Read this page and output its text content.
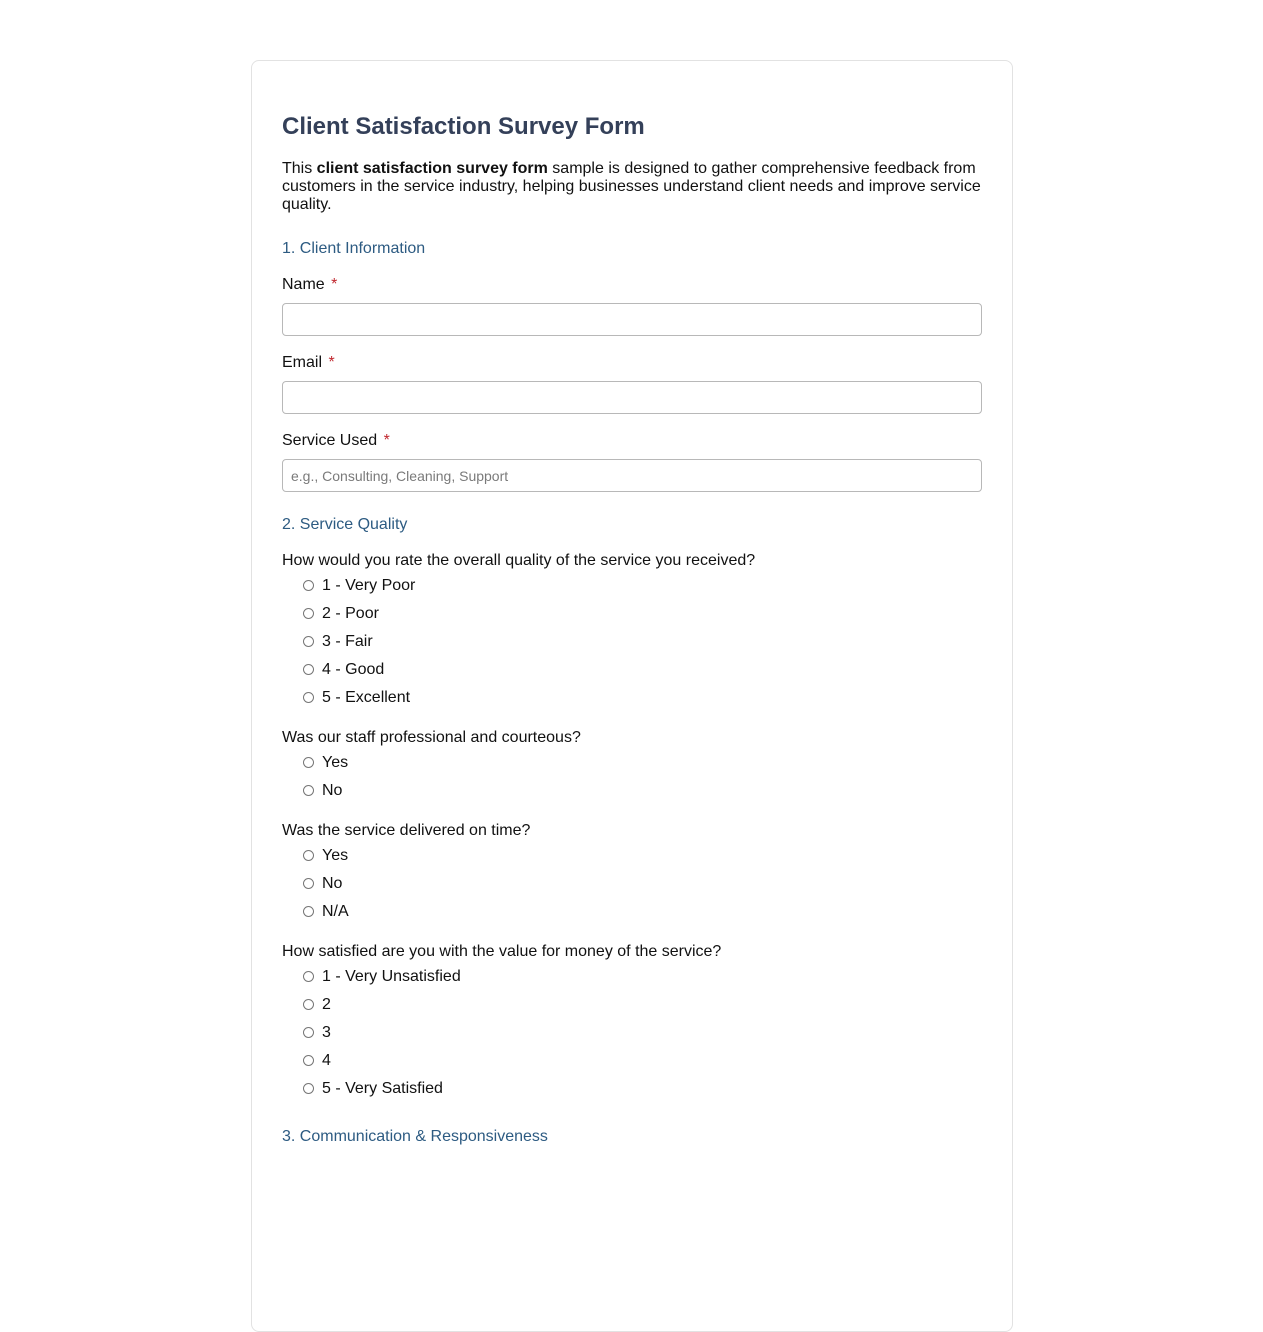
Client Satisfaction Survey Form

This client satisfaction survey form sample is designed to gather comprehensive feedback from customers in the service industry, helping businesses understand client needs and improve service quality.

1. Client Information
Name *
Email *
Service Used *
e.g., Consulting, Cleaning, Support
2. Service Quality
How would you rate the overall quality of the service you received?
1 - Very Poor
2 - Poor
3 - Fair
4 - Good
5 - Excellent
Was our staff professional and courteous?
Yes
No
Was the service delivered on time?
Yes
No
N/A
How satisfied are you with the value for money of the service?
1 - Very Unsatisfied
2
3
4
5 - Very Satisfied
3. Communication & Responsiveness
